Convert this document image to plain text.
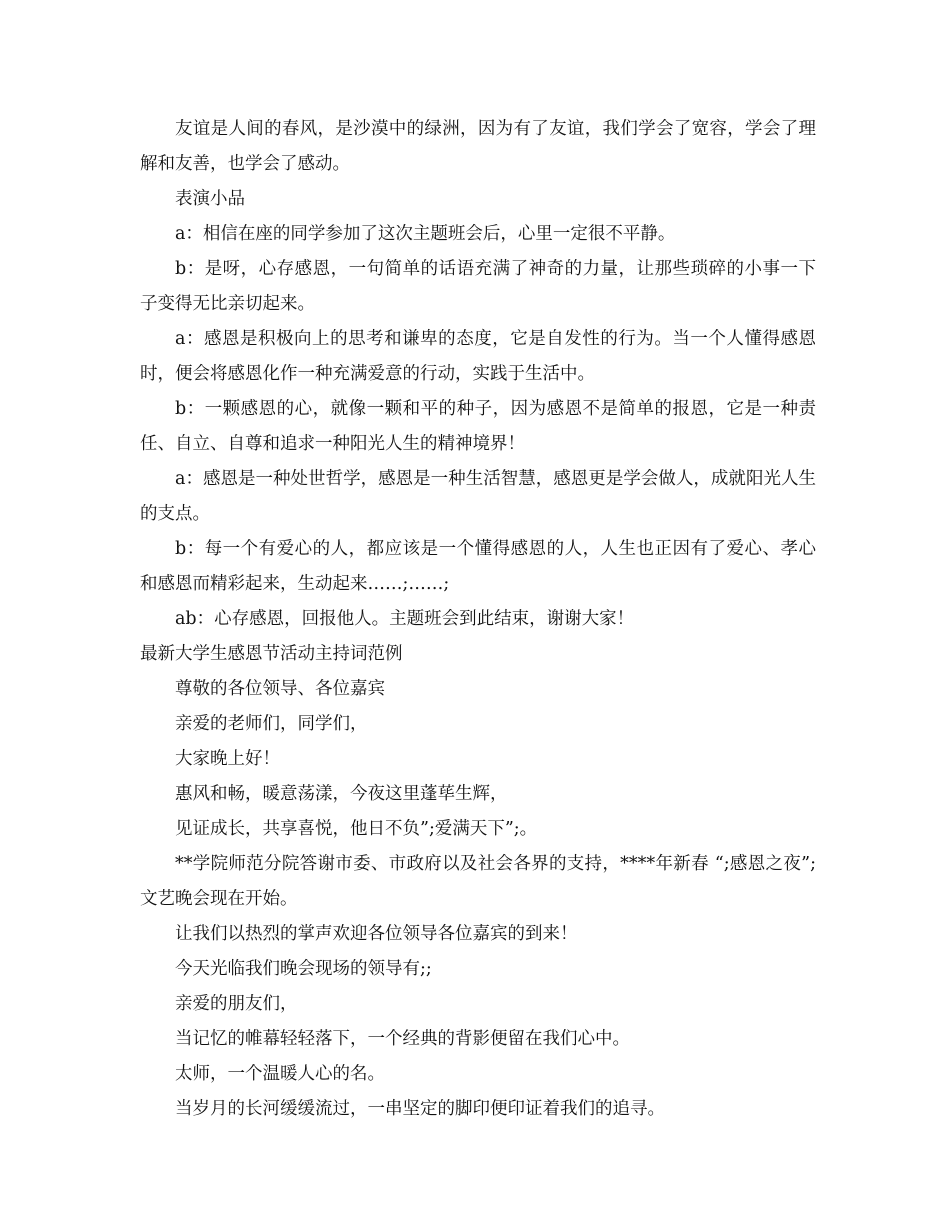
友谊是人间的春风，是沙漠中的绿洲，因为有了友谊，我们学会了宽容，学会了理解和友善，也学会了感动。

表演小品

a：相信在座的同学参加了这次主题班会后，心里一定很不平静。

b：是呀，心存感恩，一句简单的话语充满了神奇的力量，让那些琐碎的小事一下子变得无比亲切起来。

a：感恩是积极向上的思考和谦卑的态度，它是自发性的行为。当一个人懂得感恩时，便会将感恩化作一种充满爱意的行动，实践于生活中。

b：一颗感恩的心，就像一颗和平的种子，因为感恩不是简单的报恩，它是一种责任、自立、自尊和追求一种阳光人生的精神境界！

a：感恩是一种处世哲学，感恩是一种生活智慧，感恩更是学会做人，成就阳光人生的支点。

b：每一个有爱心的人，都应该是一个懂得感恩的人，人生也正因有了爱心、孝心和感恩而精彩起来，生动起来……;……;

ab：心存感恩，回报他人。主题班会到此结束，谢谢大家！

最新大学生感恩节活动主持词范例

尊敬的各位领导、各位嘉宾

亲爱的老师们，同学们，

大家晚上好！

惠风和畅，暖意荡漾，今夜这里蓬荜生辉，

见证成长，共享喜悦，他日不负”;爱满天下”;。

**学院师范分院答谢市委、市政府以及社会各界的支持，****年新春 “;感恩之夜”;文艺晚会现在开始。

让我们以热烈的掌声欢迎各位领导各位嘉宾的到来！

今天光临我们晚会现场的领导有;;

亲爱的朋友们，

当记忆的帷幕轻轻落下，一个经典的背影便留在我们心中。

太师，一个温暖人心的名。

当岁月的长河缓缓流过，一串坚定的脚印便印证着我们的追寻。
